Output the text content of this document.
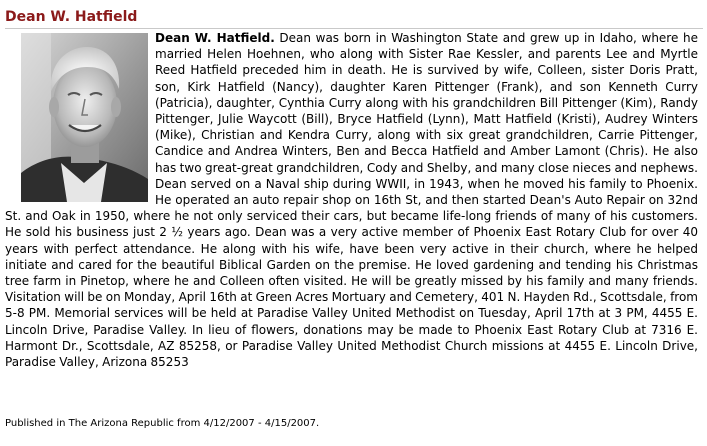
Dean W. Hatfield

Dean W. Hatfield. Dean was born in Washington State and grew up in Idaho, where he married Helen Hoehnen, who along with Sister Rae Kessler, and parents Lee and Myrtle Reed Hatfield preceded him in death. He is survived by wife, Colleen, sister Doris Pratt, son, Kirk Hatfield (Nancy), daughter Karen Pittenger (Frank), and son Kenneth Curry (Patricia), daughter, Cynthia Curry along with his grandchildren Bill Pittenger (Kim), Randy Pittenger, Julie Waycott (Bill), Bryce Hatfield (Lynn), Matt Hatfield (Kristi), Audrey Winters (Mike), Christian and Kendra Curry, along with six great grandchildren, Carrie Pittenger, Candice and Andrea Winters, Ben and Becca Hatfield and Amber Lamont (Chris). He also has two great-great grandchildren, Cody and Shelby, and many close nieces and nephews. Dean served on a Naval ship during WWII, in 1943, when he moved his family to Phoenix. He operated an auto repair shop on 16th St, and then started Dean's Auto Repair on 32nd St. and Oak in 1950, where he not only serviced their cars, but became life-long friends of many of his customers. He sold his business just 2 ½ years ago. Dean was a very active member of Phoenix East Rotary Club for over 40 years with perfect attendance. He along with his wife, have been very active in their church, where he helped initiate and cared for the beautiful Biblical Garden on the premise. He loved gardening and tending his Christmas tree farm in Pinetop, where he and Colleen often visited. He will be greatly missed by his family and many friends. Visitation will be on Monday, April 16th at Green Acres Mortuary and Cemetery, 401 N. Hayden Rd., Scottsdale, from 5-8 PM. Memorial services will be held at Paradise Valley United Methodist on Tuesday, April 17th at 3 PM, 4455 E. Lincoln Drive, Paradise Valley. In lieu of flowers, donations may be made to Phoenix East Rotary Club at 7316 E. Harmont Dr., Scottsdale, AZ 85258, or Paradise Valley United Methodist Church missions at 4455 E. Lincoln Drive, Paradise Valley, Arizona 85253

Published in The Arizona Republic from 4/12/2007 - 4/15/2007.
